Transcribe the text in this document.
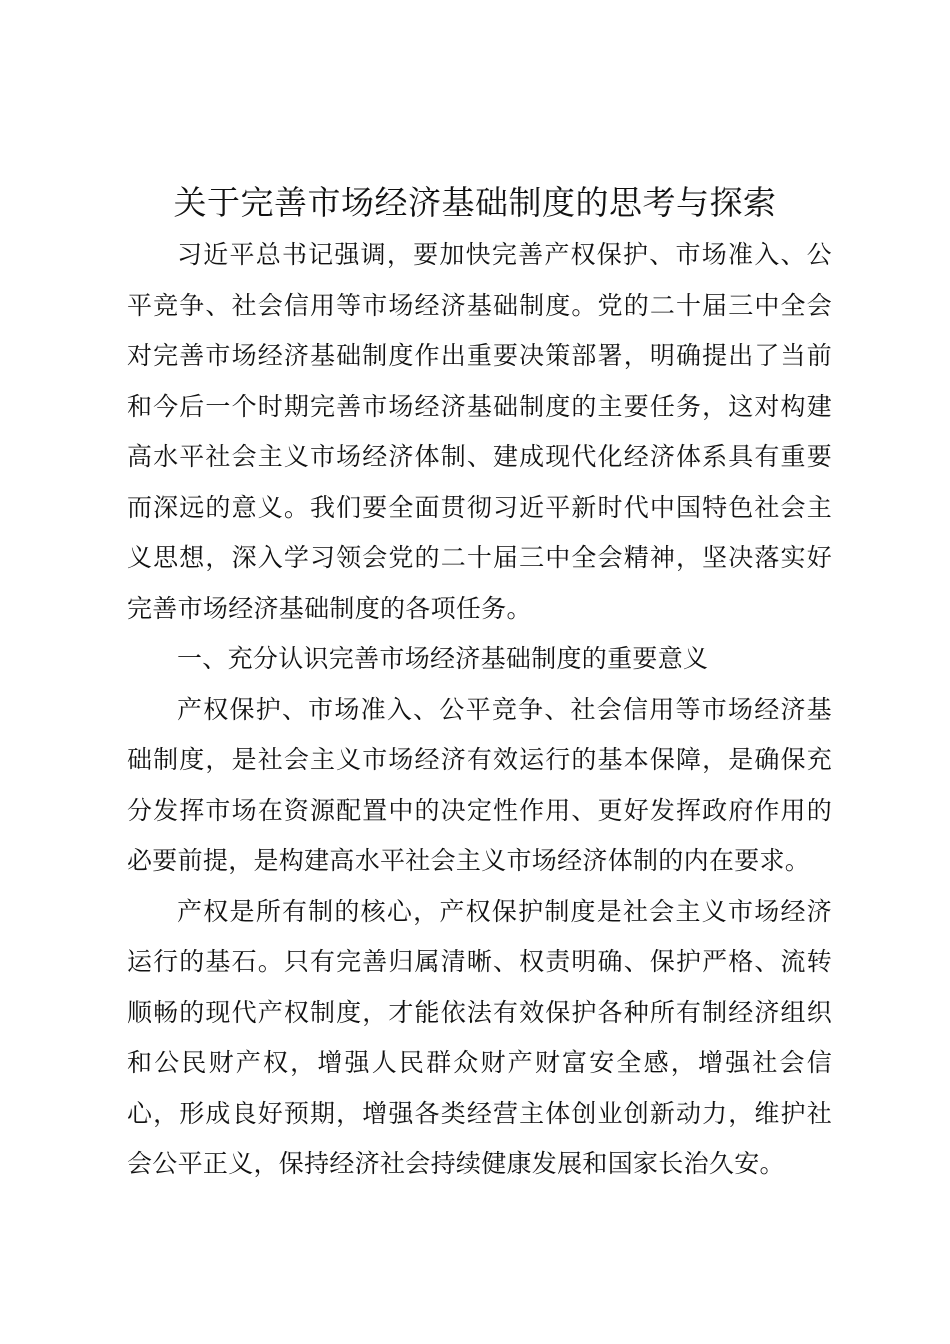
关于完善市场经济基础制度的思考与探索

习近平总书记强调，要加快完善产权保护、市场准入、公平竞争、社会信用等市场经济基础制度。党的二十届三中全会对完善市场经济基础制度作出重要决策部署，明确提出了当前和今后一个时期完善市场经济基础制度的主要任务，这对构建高水平社会主义市场经济体制、建成现代化经济体系具有重要而深远的意义。我们要全面贯彻习近平新时代中国特色社会主义思想，深入学习领会党的二十届三中全会精神，坚决落实好完善市场经济基础制度的各项任务。

一、充分认识完善市场经济基础制度的重要意义

产权保护、市场准入、公平竞争、社会信用等市场经济基础制度，是社会主义市场经济有效运行的基本保障，是确保充分发挥市场在资源配置中的决定性作用、更好发挥政府作用的必要前提，是构建高水平社会主义市场经济体制的内在要求。

产权是所有制的核心，产权保护制度是社会主义市场经济运行的基石。只有完善归属清晰、权责明确、保护严格、流转顺畅的现代产权制度，才能依法有效保护各种所有制经济组织和公民财产权，增强人民群众财产财富安全感，增强社会信心，形成良好预期，增强各类经营主体创业创新动力，维护社会公平正义，保持经济社会持续健康发展和国家长治久安。
